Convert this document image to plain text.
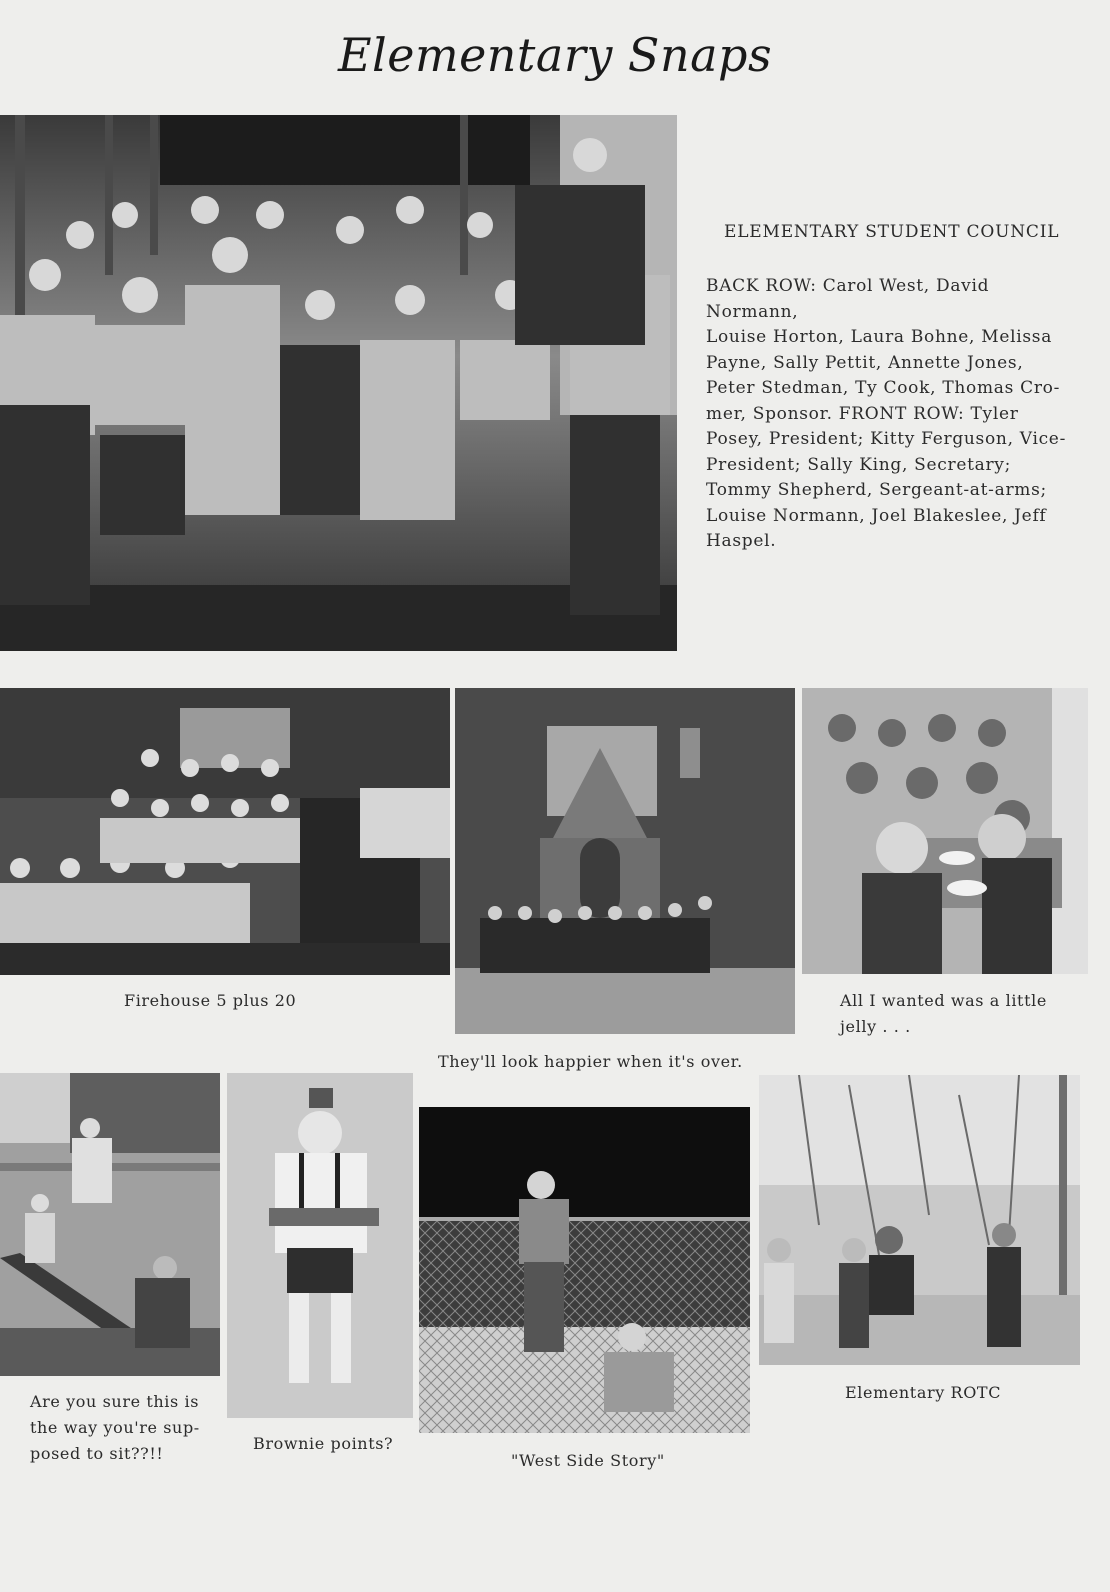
Elementary Snaps
ELEMENTARY STUDENT COUNCIL
BACK ROW: Carol West, David Normann,
Louise Horton, Laura Bohne, Melissa
Payne, Sally Pettit, Annette Jones,
Peter Stedman, Ty Cook, Thomas Cro-
mer, Sponsor. FRONT ROW: Tyler
Posey, President; Kitty Ferguson, Vice-
President; Sally King, Secretary;
Tommy Shepherd, Sergeant-at-arms;
Louise Normann, Joel Blakeslee, Jeff
Haspel.
Firehouse 5 plus 20
They'll look happier when it's over.
All I wanted was a little
jelly . . .
Are you sure this is
the way you're sup-
posed to sit??!!
Brownie points?
"West Side Story"
Elementary ROTC
